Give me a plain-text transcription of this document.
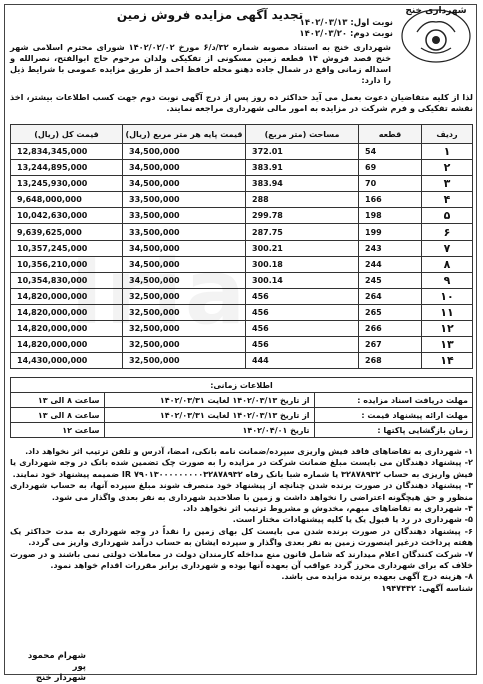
شهرداری خنج
تجدید آگهی مزایده فروش زمین
نوبت اول: ۱۴۰۲/۰۳/۱۳
نوبت دوم: ۱۴۰۲/۰۳/۲۰
شهرداری خنج به استناد مصوبه شماره ۳۲/د/۶ مورخ ۱۴۰۲/۰۲/۰۲ شورای محترم اسلامی شهر خنج قصد فروش ۱۴ قطعه زمین مسکونی از تفکیکی ولدان مرحوم حاج ابوالفتح، نصرالله و اسداله زمانی واقع در شمال جاده دهنو محله حافظ احمد از طریق مزایده عمومی با شرایط ذیل را دارد:
لذا از کلیه متقاضیان دعوت بعمل می آید حداکثر ده روز پس از درج آگهی نوبت دوم جهت کسب اطلاعات بیشتر، اخذ نقشه تفکیکی و فرم شرکت در مزایده به امور مالی شهرداری مراجعه نمایند.
ردیف	قطعه	مساحت (متر مربع)	قیمت پایه هر متر مربع (ریال)	قیمت کل (ریال)
۱	54	372.01	34,500,000	12,834,345,000
۲	69	383.91	34,500,000	13,244,895,000
۳	70	383.94	34,500,000	13,245,930,000
۴	166	288	33,500,000	9,648,000,000
۵	198	299.78	33,500,000	10,042,630,000
۶	199	287.75	33,500,000	9,639,625,000
۷	243	300.21	34,500,000	10,357,245,000
۸	244	300.18	34,500,000	10,356,210,000
۹	245	300.14	34,500,000	10,354,830,000
۱۰	264	456	32,500,000	14,820,000,000
۱۱	265	456	32,500,000	14,820,000,000
۱۲	266	456	32,500,000	14,820,000,000
۱۳	267	456	32,500,000	14,820,000,000
۱۴	268	444	32,500,000	14,430,000,000
اطلاعات زمانی:		
مهلت دریافت اسناد مزایده :	از تاریخ ۱۴۰۲/۰۳/۱۳ لغایت ۱۴۰۲/۰۳/۳۱	ساعت ۸ الی ۱۳
مهلت ارائه پیشنهاد قیمت :	از تاریخ ۱۴۰۲/۰۳/۱۳ لغایت ۱۴۰۲/۰۳/۳۱	ساعت ۸ الی ۱۳
زمان بازگشایی پاکتها :	تاریخ ۱۴۰۲/۰۴/۰۱	ساعت ۱۲
۱- شهرداری به تقاضاهای فاقد فیش واریزی سپرده/ضمانت نامه بانکی، امضا، آدرس و تلفن ترتیب اثر نخواهد داد.
۲- پیشنهاد دهندگان می بایست مبلغ ضمانت شرکت در مزایده را به صورت چک تضمین شده بانک در وجه شهرداری یا فیش واریزی به حساب ۳۲۸۷۸۹۳۲ یا شماره شبا بانک رفاه IR ۷۹۰۱۳۰۰۰۰۰۰۰۰۰۳۲۸۷۸۹۳۲ ضمیمه پیشنهاد خود نمایند.
۳- پیشنهاد دهندگان در صورت برنده شدن چنانچه از پیشنهاد خود منصرف شوند مبلغ سپرده آنها، به حساب شهرداری منظور و حق هیچگونه اعتراضی را نخواهد داشت و زمین با صلاحدید شهرداری به نفر بعدی واگذار می شود.
۴- شهرداری به تقاضاهای مبهم، مخدوش و مشروط ترتیب اثر نخواهد داد.
۵- شهرداری در رد یا قبول یک یا کلیه پیشنهادات مختار است.
۶- پیشنهاد دهندگان در صورت برنده شدن می بایست کل بهای زمین را نقداً در وجه شهرداری به مدت حداکثر یک هفته پرداخت درغیر اینصورت زمین به نفر بعدی واگذار و سپرده ایشان به حساب درآمد شهرداری واریز می گردد.
۷- شرکت کنندگان اعلام میدارند که شامل قانون منع مداخله کارمندان دولت در معاملات دولتی نمی باشند و در صورت خلاف که برای شهرداری محرز گردد عواقب آن بعهده آنها بوده و شهرداری برابر مقررات اقدام خواهد نمود.
۸- هزینه درج آگهی بعهده برنده مزایده می باشد.
شناسه آگهی: ۱۹۴۷۴۴۲
شهرام محمود پور
شهردار خنج
